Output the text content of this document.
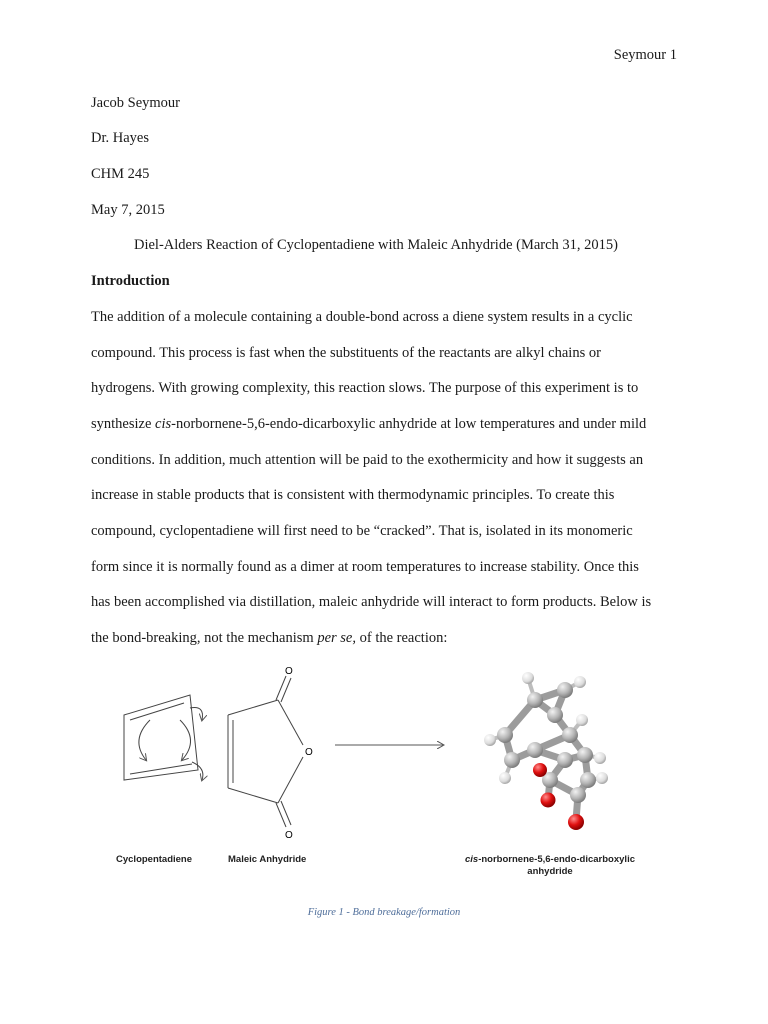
Seymour 1
Jacob Seymour
Dr. Hayes
CHM 245
May 7, 2015
Diel-Alders Reaction of Cyclopentadiene with Maleic Anhydride (March 31, 2015)
Introduction
The addition of a molecule containing a double-bond across a diene system results in a cyclic
compound. This process is fast when the substituents of the reactants are alkyl chains or
hydrogens. With growing complexity, this reaction slows. The purpose of this experiment is to
synthesize cis-norbornene-5,6-endo-dicarboxylic anhydride at low temperatures and under mild
conditions. In addition, much attention will be paid to the exothermicity and how it suggests an
increase in stable products that is consistent with thermodynamic principles. To create this
compound, cyclopentadiene will first need to be “cracked”. That is, isolated in its monomeric
form since it is normally found as a dimer at room temperatures to increase stability. Once this
has been accomplished via distillation, maleic anhydride will interact to form products. Below is
the bond-breaking, not the mechanism per se, of the reaction:
O
O
O
Cyclopentadiene	Maleic Anhydride	cis-norbornene-5,6-endo-dicarboxylic
anhydride
Figure 1 - Bond breakage/formation
